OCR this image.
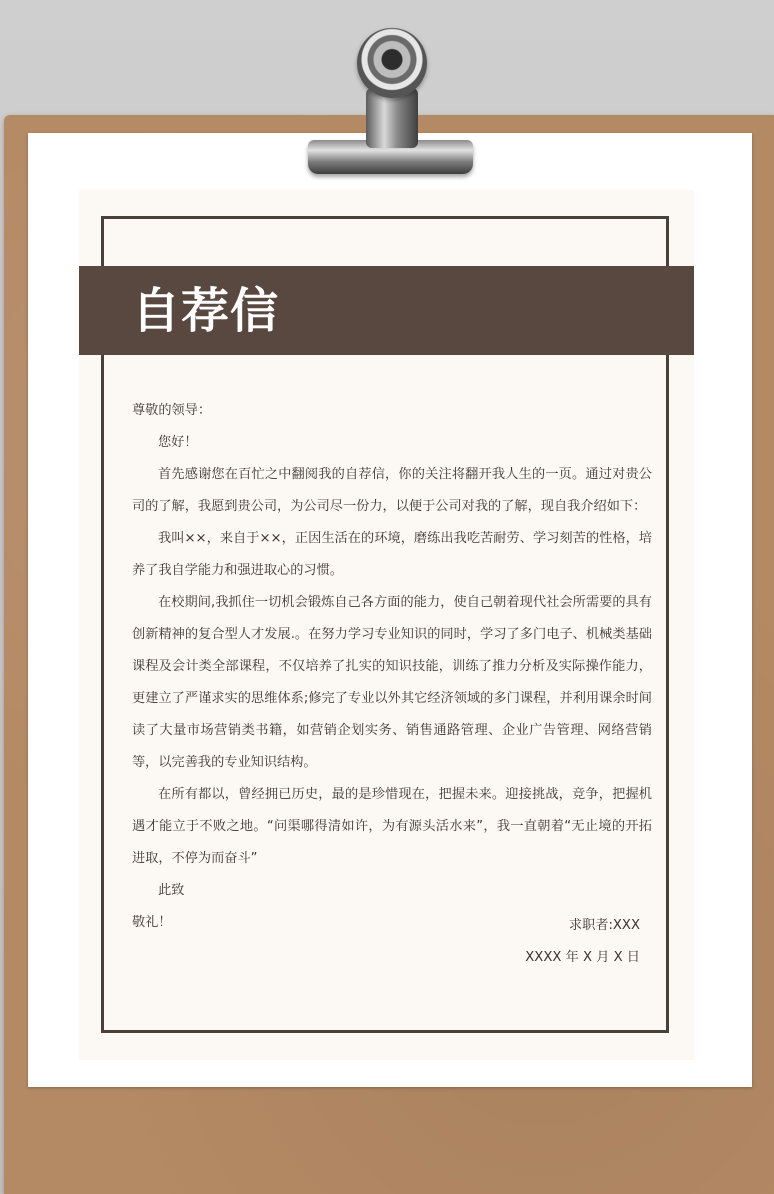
自荐信

尊敬的领导：

您好！

首先感谢您在百忙之中翻阅我的自荐信，你的关注将翻开我人生的一页。通过对贵公司的了解，我愿到贵公司，为公司尽一份力，以便于公司对我的了解，现自我介绍如下：

我叫××，来自于××，正因生活在的环境，磨练出我吃苦耐劳、学习刻苦的性格，培养了我自学能力和强进取心的习惯。

在校期间,我抓住一切机会锻炼自己各方面的能力，使自己朝着现代社会所需要的具有创新精神的复合型人才发展.。在努力学习专业知识的同时，学习了多门电子、机械类基础课程及会计类全部课程，不仅培养了扎实的知识技能，训练了推力分析及实际操作能力，更建立了严谨求实的思维体系;修完了专业以外其它经济领域的多门课程，并利用课余时间读了大量市场营销类书籍，如营销企划实务、销售通路管理、企业广告管理、网络营销等，以完善我的专业知识结构。

在所有都以，曾经拥已历史，最的是珍惜现在，把握未来。迎接挑战，竞争，把握机遇才能立于不败之地。“问渠哪得清如许，为有源头活水来”，我一直朝着“无止境的开拓进取，不停为而奋斗”

此致

敬礼！	求职者:XXX
XXXX 年 X 月 X 日
